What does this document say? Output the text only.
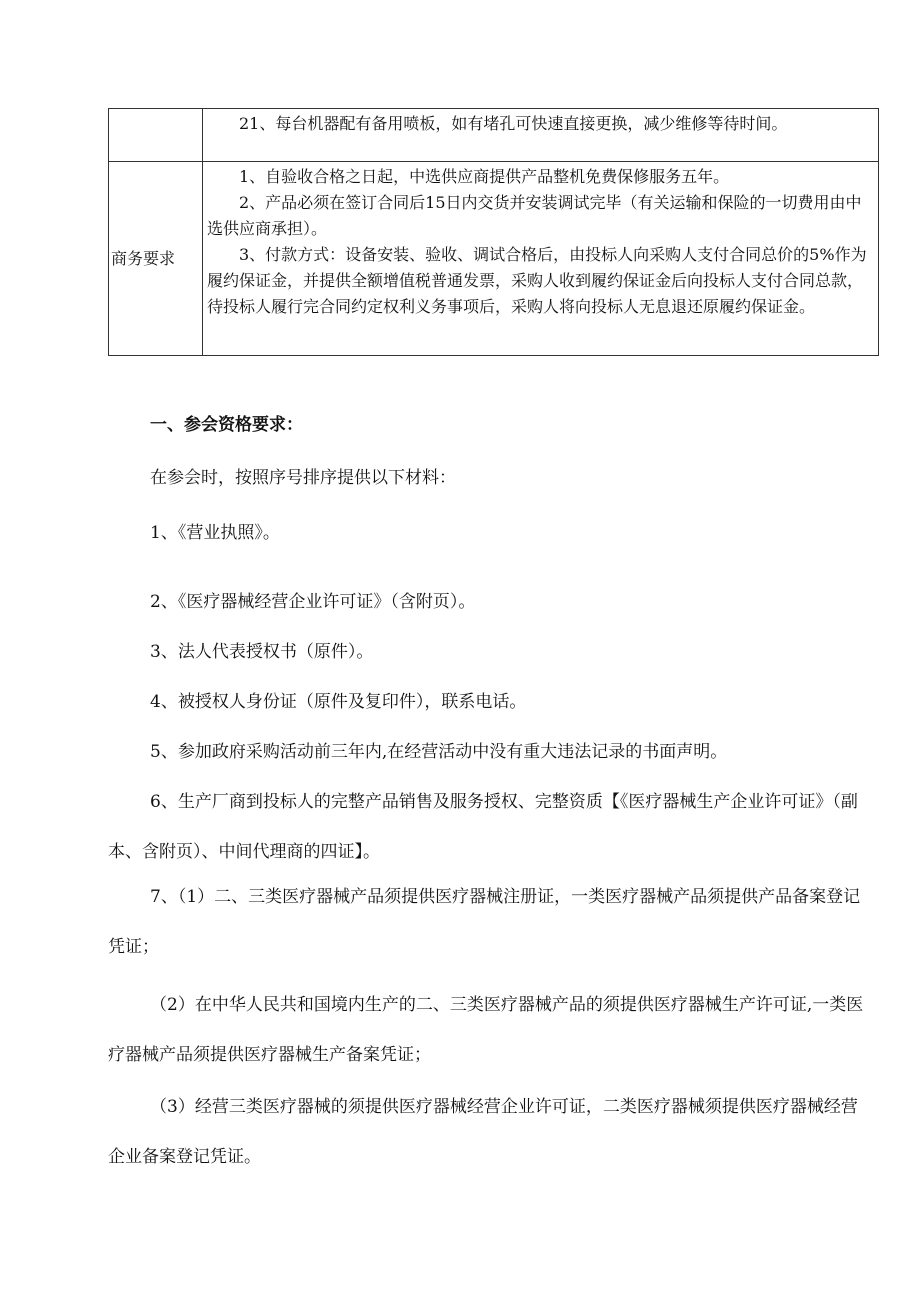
	21、每台机器配有备用喷板，如有堵孔可快速直接更换，减少维修等待时间。

商务要求	1、自验收合格之日起，中选供应商提供产品整机免费保修服务五年。

2、产品必须在签订合同后15日内交货并安装调试完毕（有关运输和保险的一切费用由中选供应商承担）。

3、付款方式：设备安装、验收、调试合格后，由投标人向采购人支付合同总价的5%作为履约保证金，并提供全额增值税普通发票，采购人收到履约保证金后向投标人支付合同总款，待投标人履行完合同约定权利义务事项后，采购人将向投标人无息退还原履约保证金。

一、参会资格要求：

在参会时，按照序号排序提供以下材料：

1、《营业执照》。

2、《医疗器械经营企业许可证》（含附页）。

3、法人代表授权书（原件）。

4、被授权人身份证（原件及复印件），联系电话。

5、参加政府采购活动前三年内,在经营活动中没有重大违法记录的书面声明。

6、生产厂商到投标人的完整产品销售及服务授权、完整资质【《医疗器械生产企业许可证》（副本、含附页）、中间代理商的四证】。

7、（1）二、三类医疗器械产品须提供医疗器械注册证，一类医疗器械产品须提供产品备案登记凭证；

（2）在中华人民共和国境内生产的二、三类医疗器械产品的须提供医疗器械生产许可证,一类医疗器械产品须提供医疗器械生产备案凭证；

（3）经营三类医疗器械的须提供医疗器械经营企业许可证，二类医疗器械须提供医疗器械经营企业备案登记凭证。
